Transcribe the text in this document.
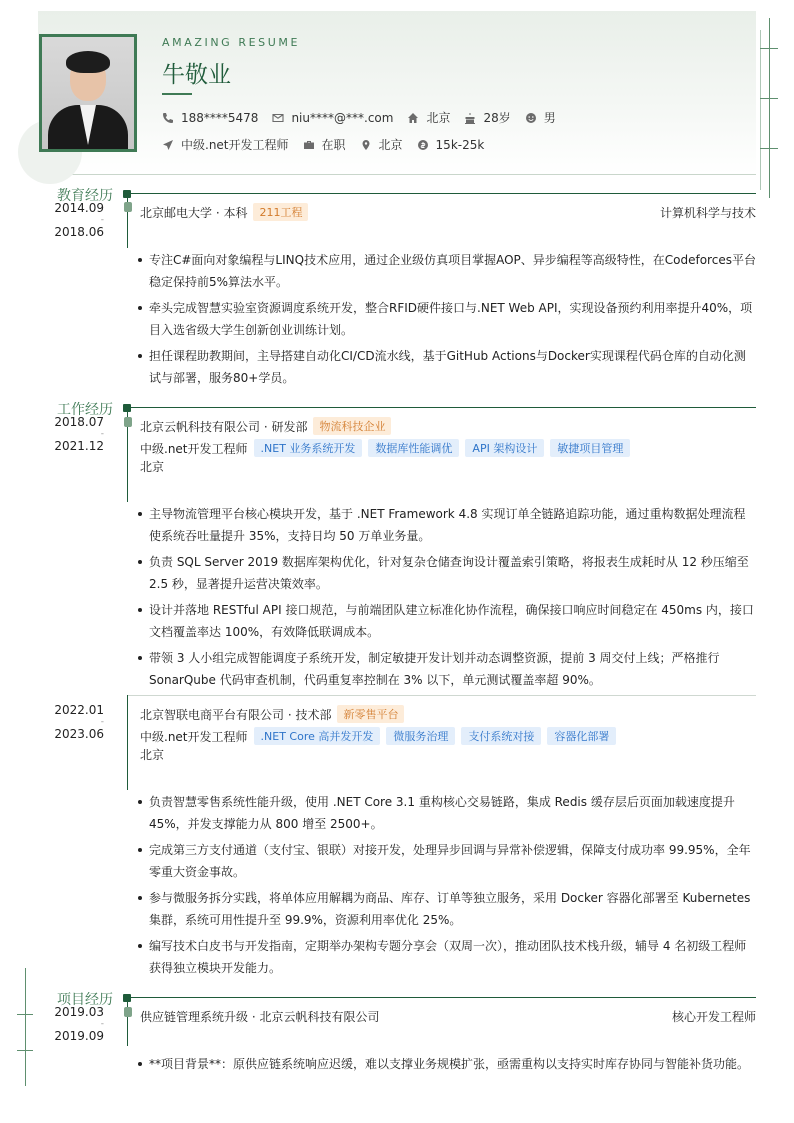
AMAZING RESUME
牛敬业
188****5478	niu****@***.com	北京	28岁	男
中级.net开发工程师	在职	北京	15k-25k
教育经历
2014.09
-
2018.06
北京邮电大学 · 本科	211工程	计算机科学与技术
专注C#面向对象编程与LINQ技术应用，通过企业级仿真项目掌握AOP、异步编程等高级特性，在Codeforces平台稳定保持前5%算法水平。
牵头完成智慧实验室资源调度系统开发，整合RFID硬件接口与.NET Web API，实现设备预约利用率提升40%，项目入选省级大学生创新创业训练计划。
担任课程助教期间，主导搭建自动化CI/CD流水线，基于GitHub Actions与Docker实现课程代码仓库的自动化测试与部署，服务80+学员。
工作经历
2018.07
-
2021.12
北京云帆科技有限公司 · 研发部	物流科技企业
中级.net开发工程师	.NET 业务系统开发	数据库性能调优	API 架构设计	敏捷项目管理
北京
主导物流管理平台核心模块开发，基于 .NET Framework 4.8 实现订单全链路追踪功能，通过重构数据处理流程使系统吞吐量提升 35%，支持日均 50 万单业务量。
负责 SQL Server 2019 数据库架构优化，针对复杂仓储查询设计覆盖索引策略，将报表生成耗时从 12 秒压缩至 2.5 秒，显著提升运营决策效率。
设计并落地 RESTful API 接口规范，与前端团队建立标准化协作流程，确保接口响应时间稳定在 450ms 内，接口文档覆盖率达 100%，有效降低联调成本。
带领 3 人小组完成智能调度子系统开发，制定敏捷开发计划并动态调整资源，提前 3 周交付上线；严格推行 SonarQube 代码审查机制，代码重复率控制在 3% 以下，单元测试覆盖率超 90%。
2022.01
-
2023.06
北京智联电商平台有限公司 · 技术部	新零售平台
中级.net开发工程师	.NET Core 高并发开发	微服务治理	支付系统对接	容器化部署
北京
负责智慧零售系统性能升级，使用 .NET Core 3.1 重构核心交易链路，集成 Redis 缓存层后页面加载速度提升 45%，并发支撑能力从 800 增至 2500+。
完成第三方支付通道（支付宝、银联）对接开发，处理异步回调与异常补偿逻辑，保障支付成功率 99.95%，全年零重大资金事故。
参与微服务拆分实践，将单体应用解耦为商品、库存、订单等独立服务，采用 Docker 容器化部署至 Kubernetes 集群，系统可用性提升至 99.9%，资源利用率优化 25%。
编写技术白皮书与开发指南，定期举办架构专题分享会（双周一次），推动团队技术栈升级，辅导 4 名初级工程师获得独立模块开发能力。
项目经历
2019.03
-
2019.09
供应链管理系统升级 · 北京云帆科技有限公司	核心开发工程师
**项目背景**：原供应链系统响应迟缓，难以支撑业务规模扩张，亟需重构以支持实时库存协同与智能补货功能。
